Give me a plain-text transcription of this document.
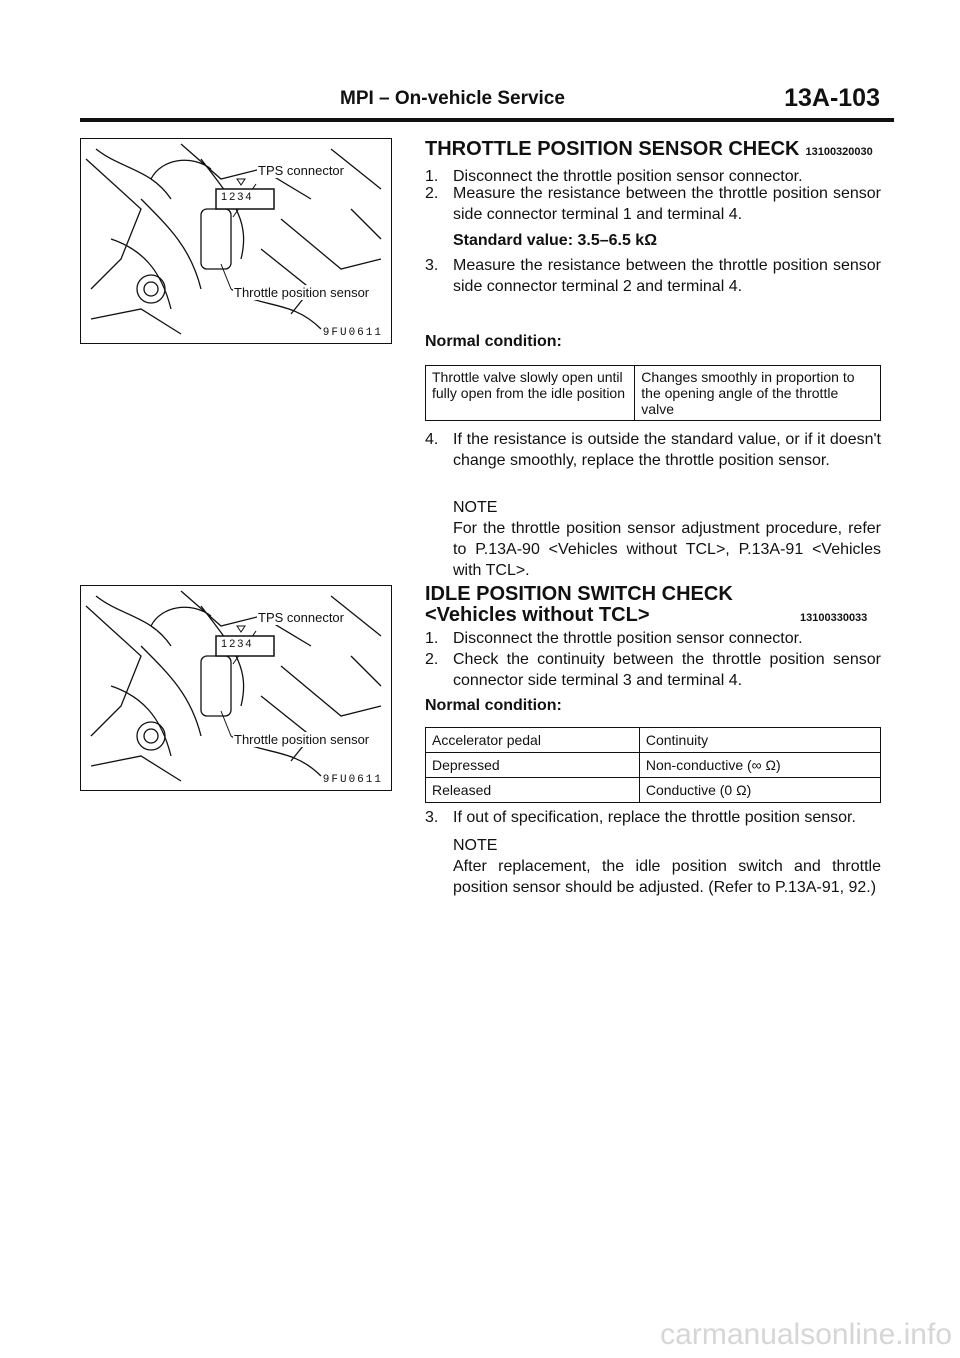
MPI – On-vehicle Service	13A-103
TPS connector
1234
Throttle position sensor
9FU0611
TPS connector
1234
Throttle position sensor
9FU0611
THROTTLE POSITION SENSOR CHECK 13100320030
1. Disconnect the throttle position sensor connector.
2. Measure the resistance between the throttle position sensor side connector terminal 1 and terminal 4.
Standard value: 3.5–6.5 kΩ
3. Measure the resistance between the throttle position sensor side connector terminal 2 and terminal 4.
Normal condition:
Throttle valve slowly open until fully open from the idle position	Changes smoothly in proportion to the opening angle of the throttle valve
4. If the resistance is outside the standard value, or if it doesn't change smoothly, replace the throttle position sensor.
NOTE
For the throttle position sensor adjustment procedure, refer to P.13A-90 <Vehicles without TCL>, P.13A-91 <Vehicles with TCL>.
IDLE POSITION SWITCH CHECK
<Vehicles without TCL>	13100330033
1. Disconnect the throttle position sensor connector.
2. Check the continuity between the throttle position sensor connector side terminal 3 and terminal 4.
Normal condition:
Accelerator pedal	Continuity
Depressed	Non-conductive (∞ Ω)
Released	Conductive (0 Ω)
3. If out of specification, replace the throttle position sensor.
NOTE
After replacement, the idle position switch and throttle position sensor should be adjusted. (Refer to P.13A-91, 92.)
carmanualsonline.info
